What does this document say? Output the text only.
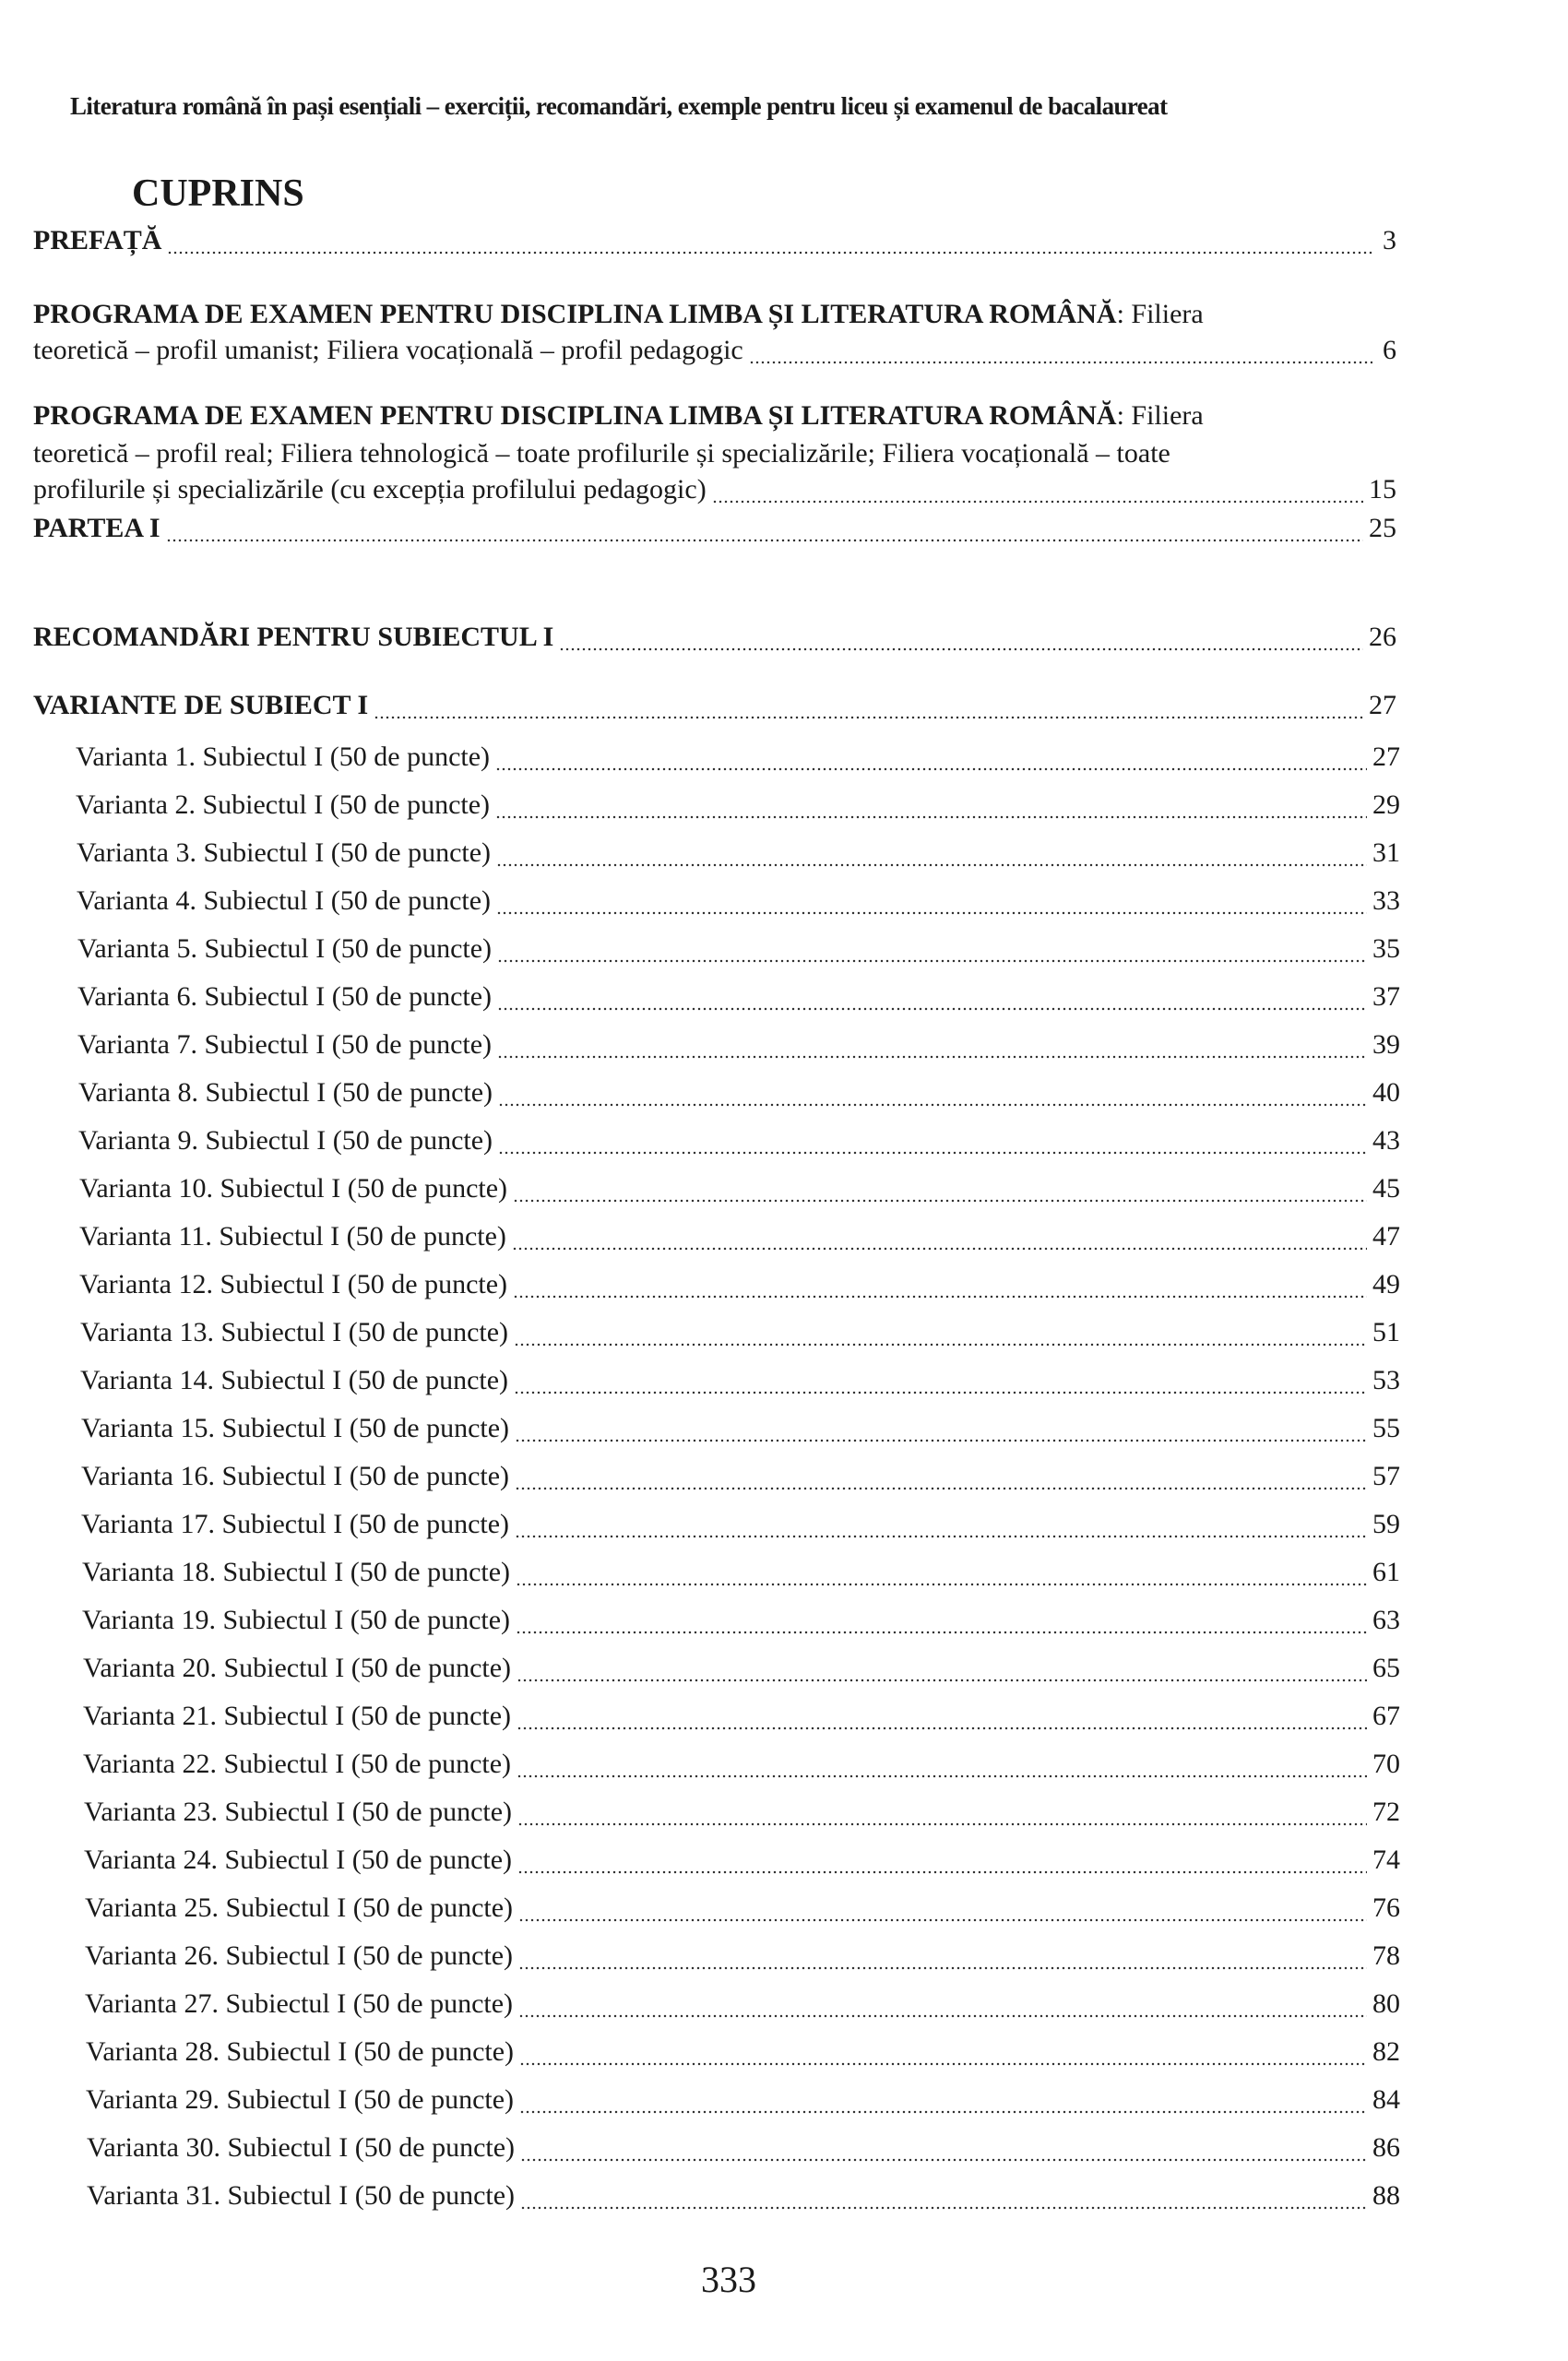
Literatura română în pași esențiali – exerciții, recomandări, exemple pentru liceu și examenul de bacalaureat
CUPRINS
PREFAȚĂ	3
PROGRAMA DE EXAMEN PENTRU DISCIPLINA LIMBA ȘI LITERATURA ROMÂNĂ: Filiera
teoretică – profil umanist; Filiera vocațională – profil pedagogic	6
PROGRAMA DE EXAMEN PENTRU DISCIPLINA LIMBA ȘI LITERATURA ROMÂNĂ: Filiera
teoretică – profil real; Filiera tehnologică – toate profilurile și specializările; Filiera vocațională – toate
profilurile și specializările (cu excepția profilului pedagogic)	15
PARTEA I	25
RECOMANDĂRI PENTRU SUBIECTUL I	26
VARIANTE DE SUBIECT I	27
Varianta 1. Subiectul I (50 de puncte)	27
Varianta 2. Subiectul I (50 de puncte)	29
Varianta 3. Subiectul I (50 de puncte)	31
Varianta 4. Subiectul I (50 de puncte)	33
Varianta 5. Subiectul I (50 de puncte)	35
Varianta 6. Subiectul I (50 de puncte)	37
Varianta 7. Subiectul I (50 de puncte)	39
Varianta 8. Subiectul I (50 de puncte)	40
Varianta 9. Subiectul I (50 de puncte)	43
Varianta 10. Subiectul I (50 de puncte)	45
Varianta 11. Subiectul I (50 de puncte)	47
Varianta 12. Subiectul I (50 de puncte)	49
Varianta 13. Subiectul I (50 de puncte)	51
Varianta 14. Subiectul I (50 de puncte)	53
Varianta 15. Subiectul I (50 de puncte)	55
Varianta 16. Subiectul I (50 de puncte)	57
Varianta 17. Subiectul I (50 de puncte)	59
Varianta 18. Subiectul I (50 de puncte)	61
Varianta 19. Subiectul I (50 de puncte)	63
Varianta 20. Subiectul I (50 de puncte)	65
Varianta 21. Subiectul I (50 de puncte)	67
Varianta 22. Subiectul I (50 de puncte)	70
Varianta 23. Subiectul I (50 de puncte)	72
Varianta 24. Subiectul I (50 de puncte)	74
Varianta 25. Subiectul I (50 de puncte)	76
Varianta 26. Subiectul I (50 de puncte)	78
Varianta 27. Subiectul I (50 de puncte)	80
Varianta 28. Subiectul I (50 de puncte)	82
Varianta 29. Subiectul I (50 de puncte)	84
Varianta 30. Subiectul I (50 de puncte)	86
Varianta 31. Subiectul I (50 de puncte)	88
333
